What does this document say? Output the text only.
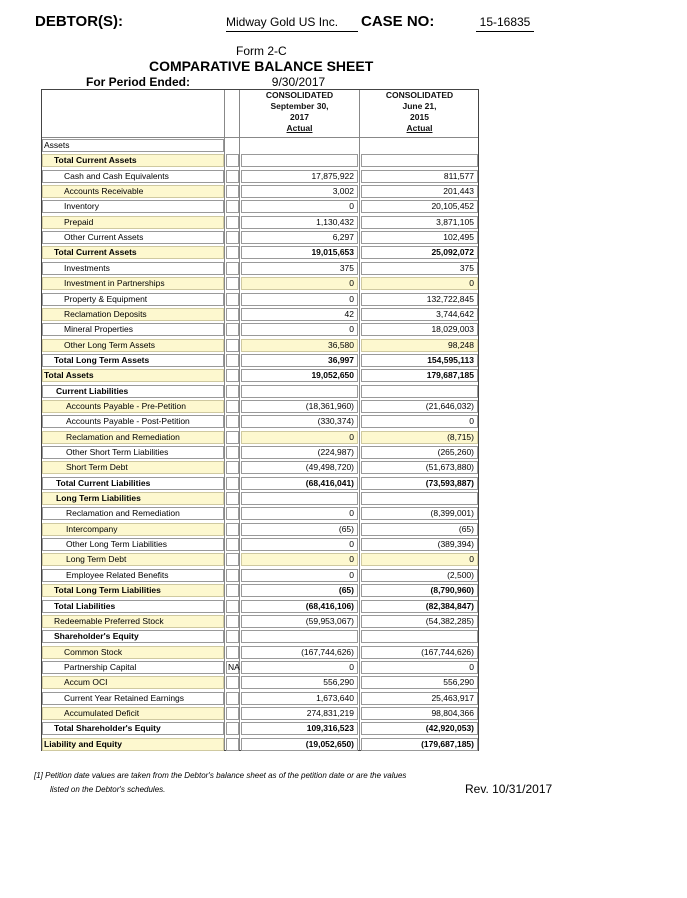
DEBTOR(S):	Midway Gold US Inc.	CASE NO:	15-16835
Form 2-C
COMPARATIVE BALANCE SHEET
For Period Ended:	9/30/2017
CONSOLIDATED
September 30,
2017
Actual
CONSOLIDATED
June 21,
2015
Actual
Assets
Total Current Assets
Cash and Cash Equivalents	17,875,922	811,577
Accounts Receivable	3,002	201,443
Inventory	0	20,105,452
Prepaid	1,130,432	3,871,105
Other Current Assets	6,297	102,495
Total Current Assets	19,015,653	25,092,072
Investments	375	375
Investment in Partnerships	0	0
Property & Equipment	0	132,722,845
Reclamation Deposits	42	3,744,642
Mineral Properties	0	18,029,003
Other Long Term Assets	36,580	98,248
Total Long Term Assets	36,997	154,595,113
Total Assets	19,052,650	179,687,185
Current Liabilities
Accounts Payable - Pre-Petition	(18,361,960)	(21,646,032)
Accounts Payable - Post-Petition	(330,374)	0
Reclamation and Remediation	0	(8,715)
Other Short Term Liabilities	(224,987)	(265,260)
Short Term Debt	(49,498,720)	(51,673,880)
Total Current Liabilities	(68,416,041)	(73,593,887)
Long Term Liabilities
Reclamation and Remediation	0	(8,399,001)
Intercompany	(65)	(65)
Other Long Term Liabilities	0	(389,394)
Long Term Debt	0	0
Employee Related Benefits	0	(2,500)
Total Long Term Liabilities	(65)	(8,790,960)
Total Liabilities	(68,416,106)	(82,384,847)
Redeemable Preferred Stock	(59,953,067)	(54,382,285)
Shareholder's Equity
Common Stock	(167,744,626)	(167,744,626)
Partnership Capital	NA	0	0
Accum OCI	556,290	556,290
Current Year Retained Earnings	1,673,640	25,463,917
Accumulated Deficit	274,831,219	98,804,366
Total Shareholder's Equity	109,316,523	(42,920,053)
Liability and Equity	(19,052,650)	(179,687,185)
[1] Petition date values are taken from the Debtor's balance sheet as of the petition date or are the values
listed on the Debtor's schedules.	Rev. 10/31/2017
